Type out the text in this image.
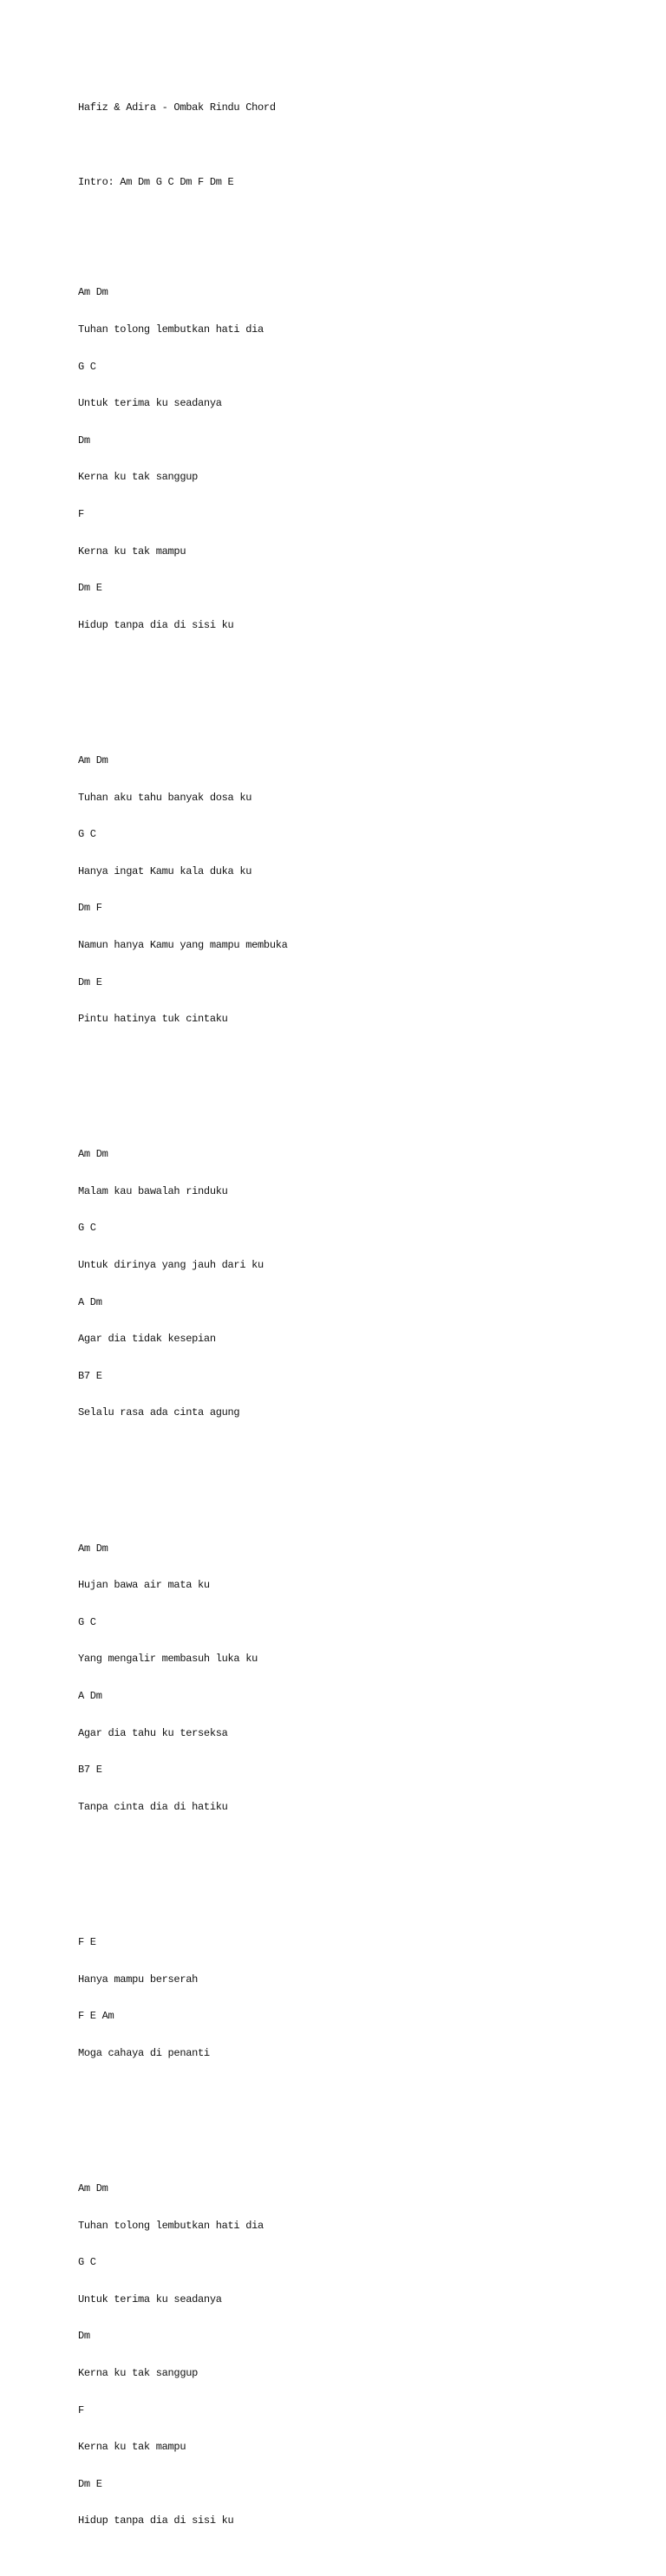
Hafiz & Adira - Ombak Rindu Chord

Intro: Am Dm G C Dm F Dm E

Am Dm

Tuhan tolong lembutkan hati dia

G C

Untuk terima ku seadanya

Dm

Kerna ku tak sanggup

F

Kerna ku tak mampu

Dm E

Hidup tanpa dia di sisi ku

Am Dm

Tuhan aku tahu banyak dosa ku

G C

Hanya ingat Kamu kala duka ku

Dm F

Namun hanya Kamu yang mampu membuka

Dm E

Pintu hatinya tuk cintaku

Am Dm

Malam kau bawalah rinduku

G C

Untuk dirinya yang jauh dari ku

A Dm

Agar dia tidak kesepian

B7 E

Selalu rasa ada cinta agung

Am Dm

Hujan bawa air mata ku

G C

Yang mengalir membasuh luka ku

A Dm

Agar dia tahu ku terseksa

B7 E

Tanpa cinta dia di hatiku

F E

Hanya mampu berserah

F E Am

Moga cahaya di penanti

Am Dm

Tuhan tolong lembutkan hati dia

G C

Untuk terima ku seadanya

Dm

Kerna ku tak sanggup

F

Kerna ku tak mampu

Dm E

Hidup tanpa dia di sisi ku
